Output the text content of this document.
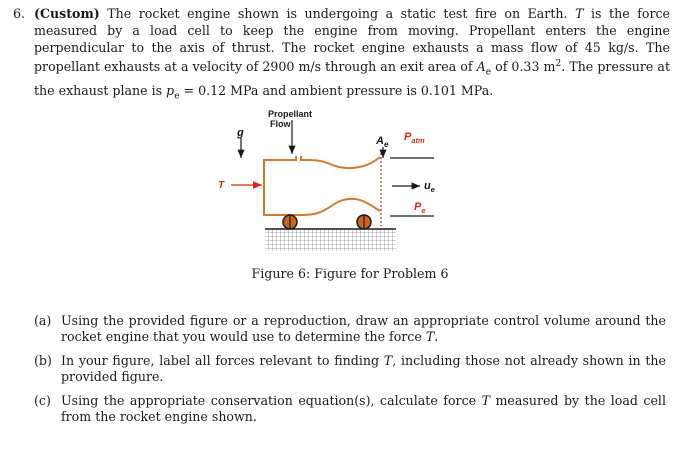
6. (Custom) The rocket engine shown is undergoing a static test fire on Earth. T is the force measured by a load cell to keep the engine from moving. Propellant enters the engine perpendicular to the axis of thrust. The rocket engine exhausts a mass flow of 45 kg/s. The propellant exhausts at a velocity of 2900 m/s through an exit area of $A_e$ of 0.33 $m^2$. The pressure at the exhaust plane is $p_e = 0.12$ MPa and ambient pressure is 0.101 MPa.
Propellant
Flow
g
T
$A_e$
$P_{atm}$
$u_e$
$P_e$
Figure 6: Figure for Problem 6
(a) Using the provided figure or a reproduction, draw an appropriate control volume around the rocket engine that you would use to determine the force T.
(b) In your figure, label all forces relevant to finding T, including those not already shown in the provided figure.
(c) Using the appropriate conservation equation(s), calculate force T measured by the load cell from the rocket engine shown.
